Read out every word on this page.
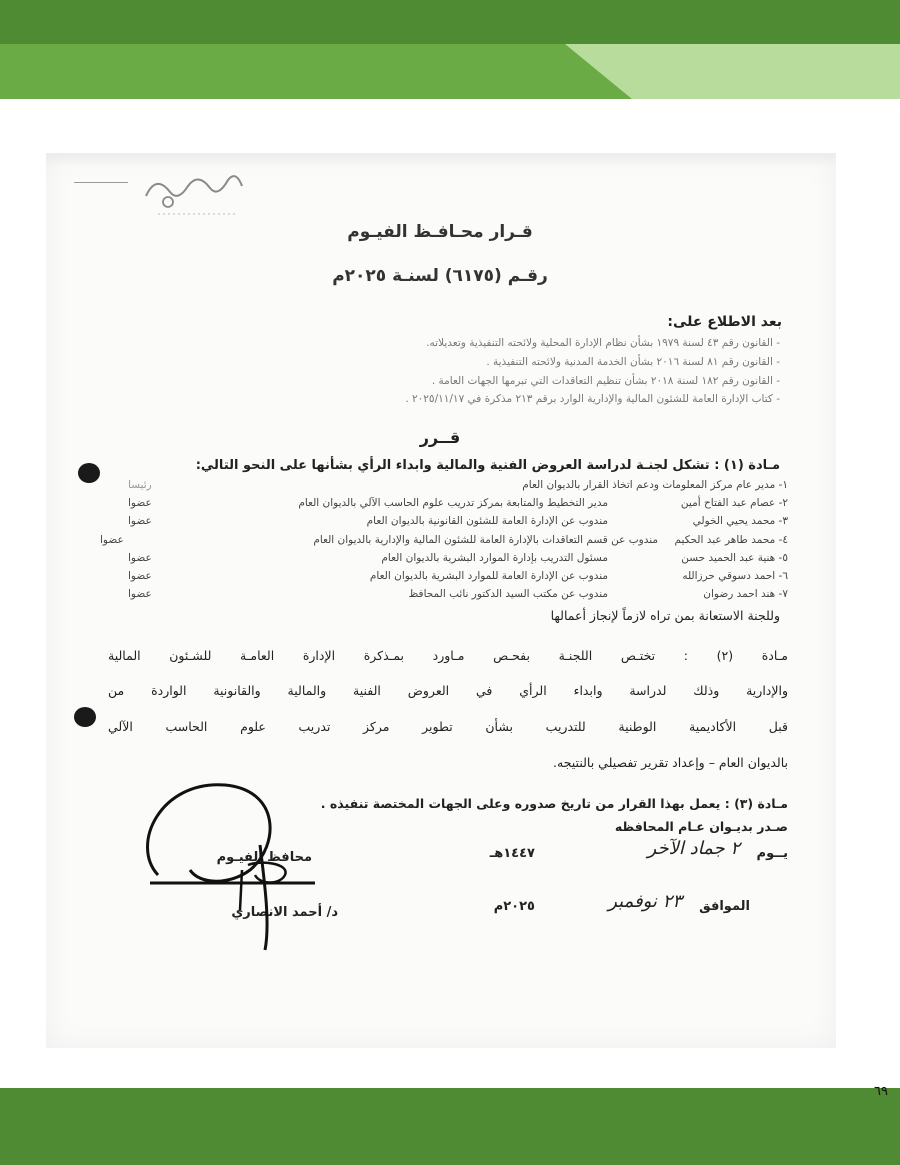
قـرار محـافـظ الفيـوم
رقـم (٦١٧٥) لسنـة ٢٠٢٥م
بعد الاطلاع على:
- القانون رقم ٤٣ لسنة ١٩٧٩ بشأن نظام الإدارة المحلية ولائحته التنفيذية وتعديلاته.
- القانون رقم ٨١ لسنة ٢٠١٦ بشأن الخدمة المدنية ولائحته التنفيذية .
- القانون رقم ١٨٢ لسنة ٢٠١٨ بشأن تنظيم التعاقدات التي تبرمها الجهات العامة .
- كتاب الإدارة العامة للشئون المالية والإدارية الوارد برقم ٢١٣ مذكرة في ٢٠٢٥/١١/١٧ .
قــرر
مـادة (١) : تشكل لجنـة لدراسة العروض الفنية والمالية وابداء الرأي بشأنها على النحو التالي:
١- مدير عام مركز المعلومات ودعم اتخاذ القرار بالديوان العام
رئيسا
٢- عصام عبد الفتاح أمين
مدير التخطيط والمتابعة بمركز تدريب علوم الحاسب الآلي بالديوان العام
عضوا
٣- محمد يحيي الخولي
مندوب عن الإدارة العامة للشئون القانونية بالديوان العام
عضوا
٤- محمد طاهر عبد الحكيم
مندوب عن قسم التعاقدات بالإدارة العامة للشئون المالية والإدارية بالديوان العام
عضوا
٥- هنية عبد الحميد حسن
مسئول التدريب بإدارة الموارد البشرية بالديوان العام
عضوا
٦- احمد دسوقي حرزالله
مندوب عن الإدارة العامة للموارد البشرية بالديوان العام
عضوا
٧- هند احمد رضوان
مندوب عن مكتب السيد الدكتور نائب المحافظ
عضوا
وللجنة الاستعانة بمن تراه لازماً لإنجاز أعمالها
مـادة (٢) : تختـص اللجنـة بفحـص مـاورد بمـذكرة الإدارة العامـة للشـئون المالية
والإدارية وذلك لدراسة وابداء الرأي في العروض الفنية والمالية والقانونية الواردة من
قبل الأكاديمية الوطنية للتدريب بشأن تطوير مركز تدريب علوم الحاسب الآلي
بالديوان العام – وإعداد تقرير تفصيلي بالنتيجه.
مـادة (٣) : يعمل بهذا القرار من تاريخ صدوره وعلى الجهات المختصة تنفيذه .
صـدر بديـوان عـام المحافظه
يــوم
٢ جماد الآخر
١٤٤٧هـ
الموافق
٢٣ نوفمبر
٢٠٢٥م
محافظ الفيـوم
د/ أحمد الانصاري
٦٩
